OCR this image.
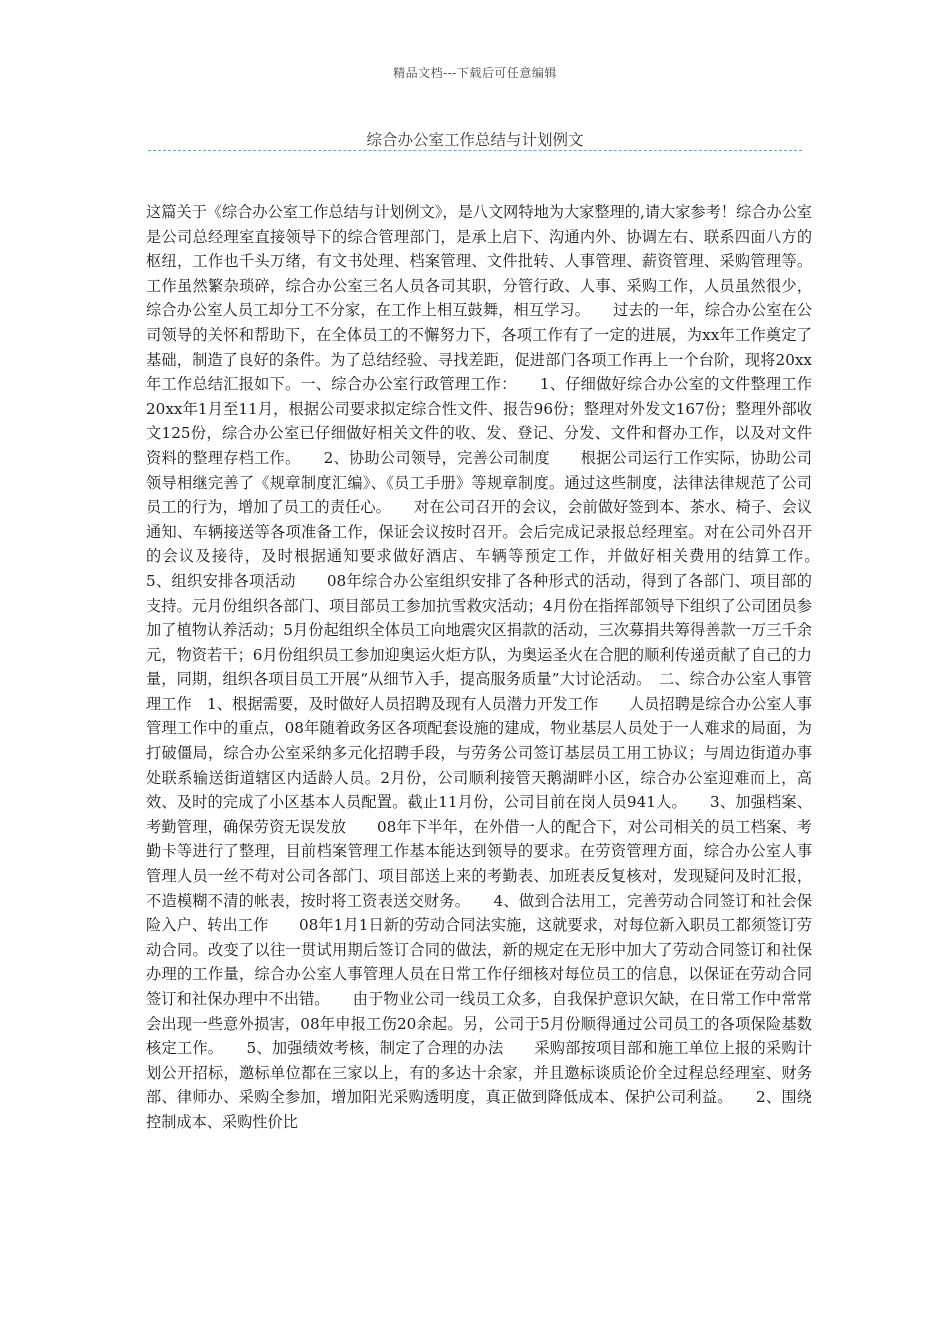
精品文档---下载后可任意编辑
综合办公室工作总结与计划例文
这篇关于《综合办公室工作总结与计划例文》，是八文网特地为大家整理的,请大家参考！综合办公室是公司总经理室直接领导下的综合管理部门，是承上启下、沟通内外、协调左右、联系四面八方的枢纽，工作也千头万绪，有文书处理、档案管理、文件批转、人事管理、薪资管理、采购管理等。工作虽然繁杂琐碎，综合办公室三名人员各司其职，分管行政、人事、采购工作，人员虽然很少，综合办公室人员工却分工不分家，在工作上相互鼓舞，相互学习。　　过去的一年，综合办公室在公司领导的关怀和帮助下，在全体员工的不懈努力下，各项工作有了一定的进展，为xx年工作奠定了基础，制造了良好的条件。为了总结经验、寻找差距，促进部门各项工作再上一个台阶，现将20xx年工作总结汇报如下。一、综合办公室行政管理工作：　　1、仔细做好综合办公室的文件整理工作　　20xx年1月至11月，根据公司要求拟定综合性文件、报告96份；整理对外发文167份；整理外部收文125份，综合办公室已仔细做好相关文件的收、发、登记、分发、文件和督办工作，以及对文件资料的整理存档工作。　　2、协助公司领导，完善公司制度　　根据公司运行工作实际，协助公司领导相继完善了《规章制度汇编》、《员工手册》等规章制度。通过这些制度，法律法律规范了公司员工的行为，增加了员工的责任心。　　对在公司召开的会议，会前做好签到本、茶水、椅子、会议通知、车辆接送等各项准备工作，保证会议按时召开。会后完成记录报总经理室。对在公司外召开的会议及接待，及时根据通知要求做好酒店、车辆等预定工作，并做好相关费用的结算工作。　　5、组织安排各项活动　　08年综合办公室组织安排了各种形式的活动，得到了各部门、项目部的支持。元月份组织各部门、项目部员工参加抗雪救灾活动；4月份在指挥部领导下组织了公司团员参加了植物认养活动；5月份起组织全体员工向地震灾区捐款的活动，三次募捐共筹得善款一万三千余元，物资若干；6月份组织员工参加迎奥运火炬方队，为奥运圣火在合肥的顺利传递贡献了自己的力量，同期，组织各项目员工开展“从细节入手，提高服务质量”大讨论活动。　二、综合办公室人事管理工作　1、根据需要，及时做好人员招聘及现有人员潜力开发工作　　人员招聘是综合办公室人事管理工作中的重点，08年随着政务区各项配套设施的建成，物业基层人员处于一人难求的局面，为打破僵局，综合办公室采纳多元化招聘手段，与劳务公司签订基层员工用工协议；与周边街道办事处联系输送街道辖区内适龄人员。2月份，公司顺利接管天鹅湖畔小区，综合办公室迎难而上，高效、及时的完成了小区基本人员配置。截止11月份，公司目前在岗人员941人。　　3、加强档案、考勤管理，确保劳资无误发放　　08年下半年，在外借一人的配合下，对公司相关的员工档案、考勤卡等进行了整理，目前档案管理工作基本能达到领导的要求。在劳资管理方面，综合办公室人事管理人员一丝不苟对公司各部门、项目部送上来的考勤表、加班表反复核对，发现疑问及时汇报，不造模糊不清的帐表，按时将工资表送交财务。　　4、做到合法用工，完善劳动合同签订和社会保险入户、转出工作　　08年1月1日新的劳动合同法实施，这就要求，对每位新入职员工都须签订劳动合同。改变了以往一贯试用期后签订合同的做法，新的规定在无形中加大了劳动合同签订和社保办理的工作量，综合办公室人事管理人员在日常工作仔细核对每位员工的信息，以保证在劳动合同签订和社保办理中不出错。　　由于物业公司一线员工众多，自我保护意识欠缺，在日常工作中常常会出现一些意外损害，08年申报工伤20余起。另，公司于5月份顺得通过公司员工的各项保险基数核定工作。　　5、加强绩效考核，制定了合理的办法　　采购部按项目部和施工单位上报的采购计划公开招标，邀标单位都在三家以上，有的多达十余家，并且邀标谈质论价全过程总经理室、财务部、律师办、采购全参加，增加阳光采购透明度，真正做到降低成本、保护公司利益。　　2、围绕控制成本、采购性价比
